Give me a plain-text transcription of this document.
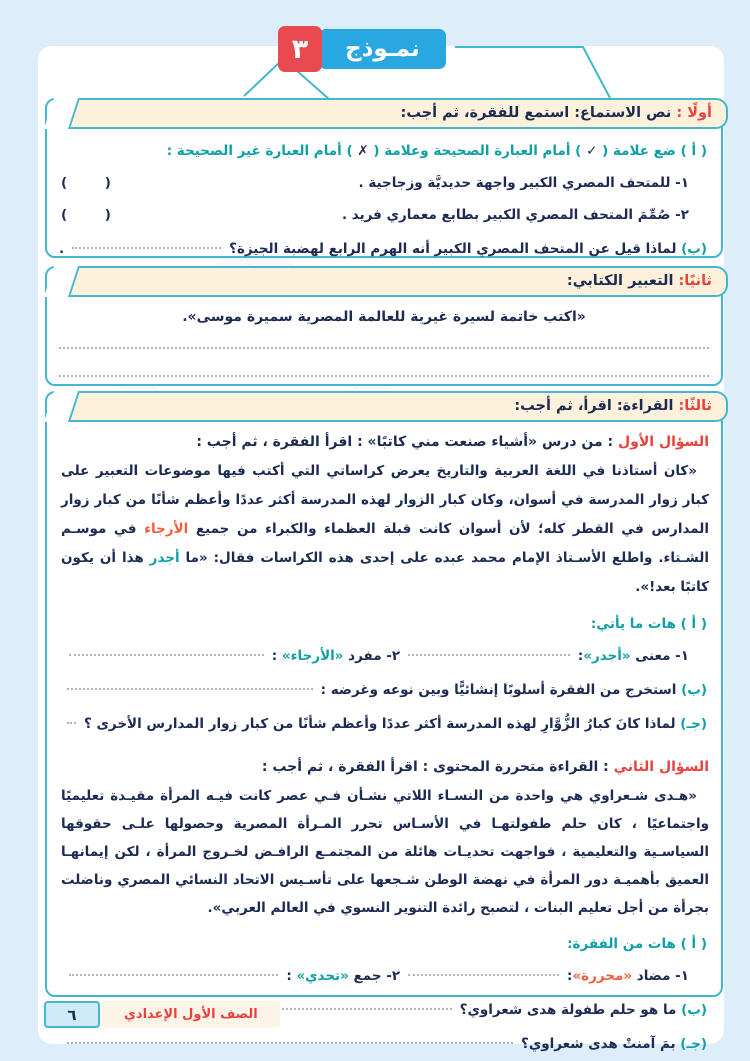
٣	نمـوذج
أولًا : نص الاستماع: استمع للفقرة، ثم أجب:
( أ ) ضع علامة ( ✓ ) أمام العبارة الصحيحة وعلامة ( ✗ ) أمام العبارة غير الصحيحة :
١- للمتحف المصري الكبير واجهة حديديَّة وزجاجية .
(        )
٢- صُمِّمَ المتحف المصري الكبير بطابع معماري فريد .
(        )
(ب) لماذا قيل عن المتحف المصري الكبير أنه الهرم الرابع لهضبة الجيزة؟
.
ثانيًا: التعبير الكتابي:
«اكتب خاتمة لسيرة غيرية للعالمة المصرية سميرة موسى».
ثالثًا: القراءة: اقرأ، ثم أجب:
السؤال الأول : من درس «أشياء صنعت مني كاتبًا» : اقرأ الفقرة ، ثم أجب :
«كان أستاذنا في اللغة العربية والتاريخ يعرض كراساتي التي أكتب فيها موضوعات التعبير على كبار زوار المدرسة في أسوان، وكان كبار الزوار لهذه المدرسة أكثر عددًا وأعظم شأنًا من كبار زوار المدارس في القطر كله؛ لأن أسوان كانت قبلة العظماء والكبراء من جميع الأرجاء في موسـم الشـتاء. واطلع الأسـتاذ الإمام محمد عبده على إحدى هذه الكراسات فقال: «ما أجدر هذا أن يكون كاتبًا بعد!».
( أ ) هات ما يأتي:
١- معنى «أجدر»:
٢- مفرد «الأرجاء» :
(ب) استخرج من الفقرة أسلوبًا إنشائيًّا وبين نوعه وغرضه :
(جـ) لماذا كانَ كبارُ الزُّوَّارِ لهذه المدرسة أكثر عددًا وأعظم شأنًا من كبار زوار المدارس الأخرى ؟
السؤال الثاني : القراءة متحررة المحتوى : اقرأ الفقرة ، ثم أجب :
«هـدى شـعراوي هي واحدة من النسـاء اللاتي نشـأن فـي عصر كانت فيـه المرأة مقيـدة تعليميًا واجتماعيًا ، كان حلم طفولتهـا في الأسـاس تحرر المـرأة المصرية وحصولها علـى حقوقها السياسـية والتعليمية ، فواجهت تحديـات هائلة من المجتمـع الرافـض لخـروج المرأة ، لكن إيمانهـا العميق بأهميـة دور المرأة في نهضة الوطن شـجعها على تأسـيس الاتحاد النسائي المصري وناضلت بجرأة من أجل تعليم البنات ، لتصبح رائدة التنوير النسوي في العالم العربي».
( أ ) هات من الفقرة:
١- مضاد «محررة»:
٢- جمع «تحدي» :
(ب) ما هو حلم طفولة هدى شعراوي؟
(جـ) بمَ آمنتْ هدى شعراوي؟
٦	الصف الأول الإعدادي
